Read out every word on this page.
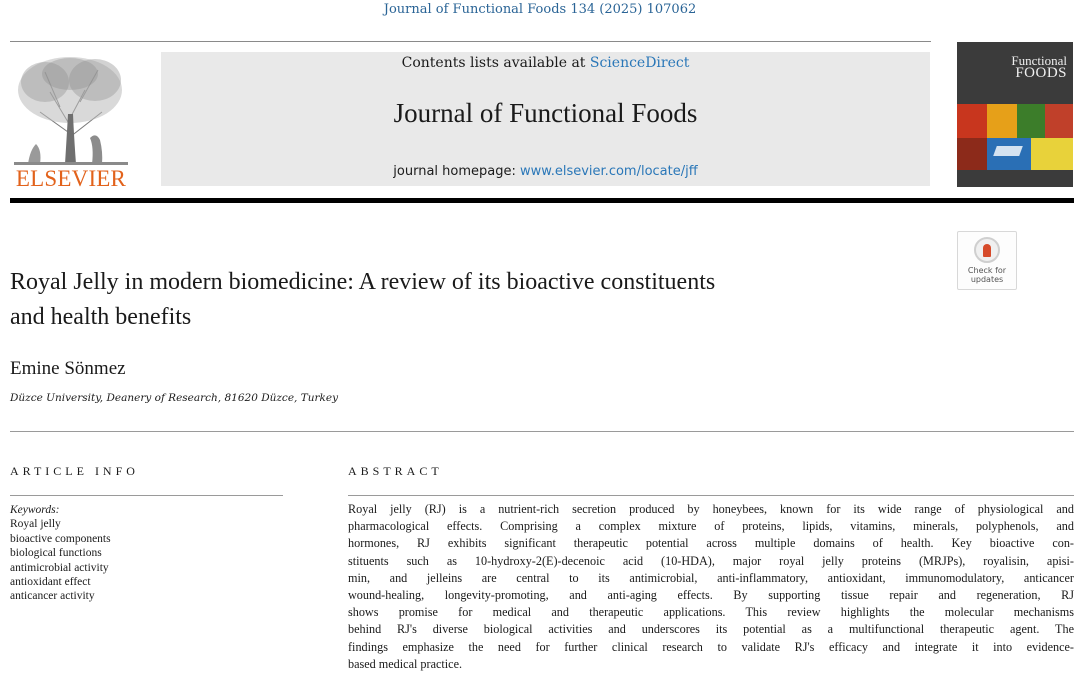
Journal of Functional Foods 134 (2025) 107062
ELSEVIER
Contents lists available at ScienceDirect
Journal of Functional Foods
journal homepage: www.elsevier.com/locate/jff
Functional
FOODS
Check for
updates
Royal Jelly in modern biomedicine: A review of its bioactive constituents
and health benefits
Emine Sönmez
Düzce University, Deanery of Research, 81620 Düzce, Turkey
ARTICLE INFO	ABSTRACT
Keywords:
Royal jelly
bioactive components
biological functions
antimicrobial activity
antioxidant effect
anticancer activity
Royal jelly (RJ) is a nutrient-rich secretion produced by honeybees, known for its wide range of physiological and
pharmacological effects. Comprising a complex mixture of proteins, lipids, vitamins, minerals, polyphenols, and
hormones, RJ exhibits significant therapeutic potential across multiple domains of health. Key bioactive con-
stituents such as 10-hydroxy-2(E)-decenoic acid (10-HDA), major royal jelly proteins (MRJPs), royalisin, apisi-
min, and jelleins are central to its antimicrobial, anti-inflammatory, antioxidant, immunomodulatory, anticancer
wound-healing, longevity-promoting, and anti-aging effects. By supporting tissue repair and regeneration, RJ
shows promise for medical and therapeutic applications. This review highlights the molecular mechanisms
behind RJ's diverse biological activities and underscores its potential as a multifunctional therapeutic agent. The
findings emphasize the need for further clinical research to validate RJ's efficacy and integrate it into evidence-
based medical practice.
